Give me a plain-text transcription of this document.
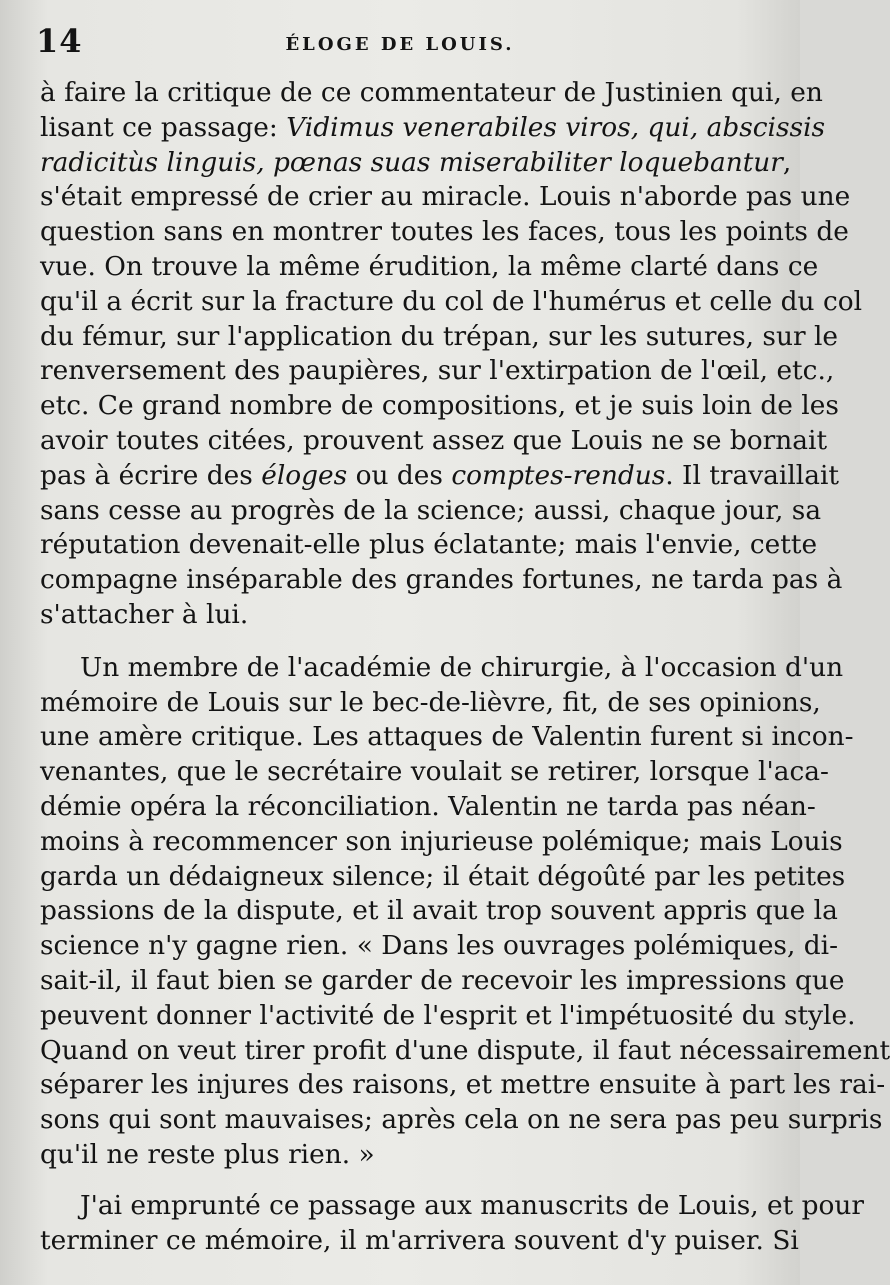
14	ÉLOGE DE LOUIS.
à faire la critique de ce commentateur de Justinien qui, en
lisant ce passage: Vidimus venerabiles viros, qui, abscissis
radicitùs linguis, pœnas suas miserabiliter loquebantur,
s'était empressé de crier au miracle. Louis n'aborde pas une
question sans en montrer toutes les faces, tous les points de
vue. On trouve la même érudition, la même clarté dans ce
qu'il a écrit sur la fracture du col de l'humérus et celle du col
du fémur, sur l'application du trépan, sur les sutures, sur le
renversement des paupières, sur l'extirpation de l'œil, etc.,
etc. Ce grand nombre de compositions, et je suis loin de les
avoir toutes citées, prouvent assez que Louis ne se bornait
pas à écrire des éloges ou des comptes-rendus. Il travaillait
sans cesse au progrès de la science; aussi, chaque jour, sa
réputation devenait-elle plus éclatante; mais l'envie, cette
compagne inséparable des grandes fortunes, ne tarda pas à
s'attacher à lui.
Un membre de l'académie de chirurgie, à l'occasion d'un
mémoire de Louis sur le bec-de-lièvre, fit, de ses opinions,
une amère critique. Les attaques de Valentin furent si incon-
venantes, que le secrétaire voulait se retirer, lorsque l'aca-
démie opéra la réconciliation. Valentin ne tarda pas néan-
moins à recommencer son injurieuse polémique; mais Louis
garda un dédaigneux silence; il était dégoûté par les petites
passions de la dispute, et il avait trop souvent appris que la
science n'y gagne rien. « Dans les ouvrages polémiques, di-
sait-il, il faut bien se garder de recevoir les impressions que
peuvent donner l'activité de l'esprit et l'impétuosité du style.
Quand on veut tirer profit d'une dispute, il faut nécessairement
séparer les injures des raisons, et mettre ensuite à part les rai-
sons qui sont mauvaises; après cela on ne sera pas peu surpris
qu'il ne reste plus rien. »
J'ai emprunté ce passage aux manuscrits de Louis, et pour
terminer ce mémoire, il m'arrivera souvent d'y puiser. Si
